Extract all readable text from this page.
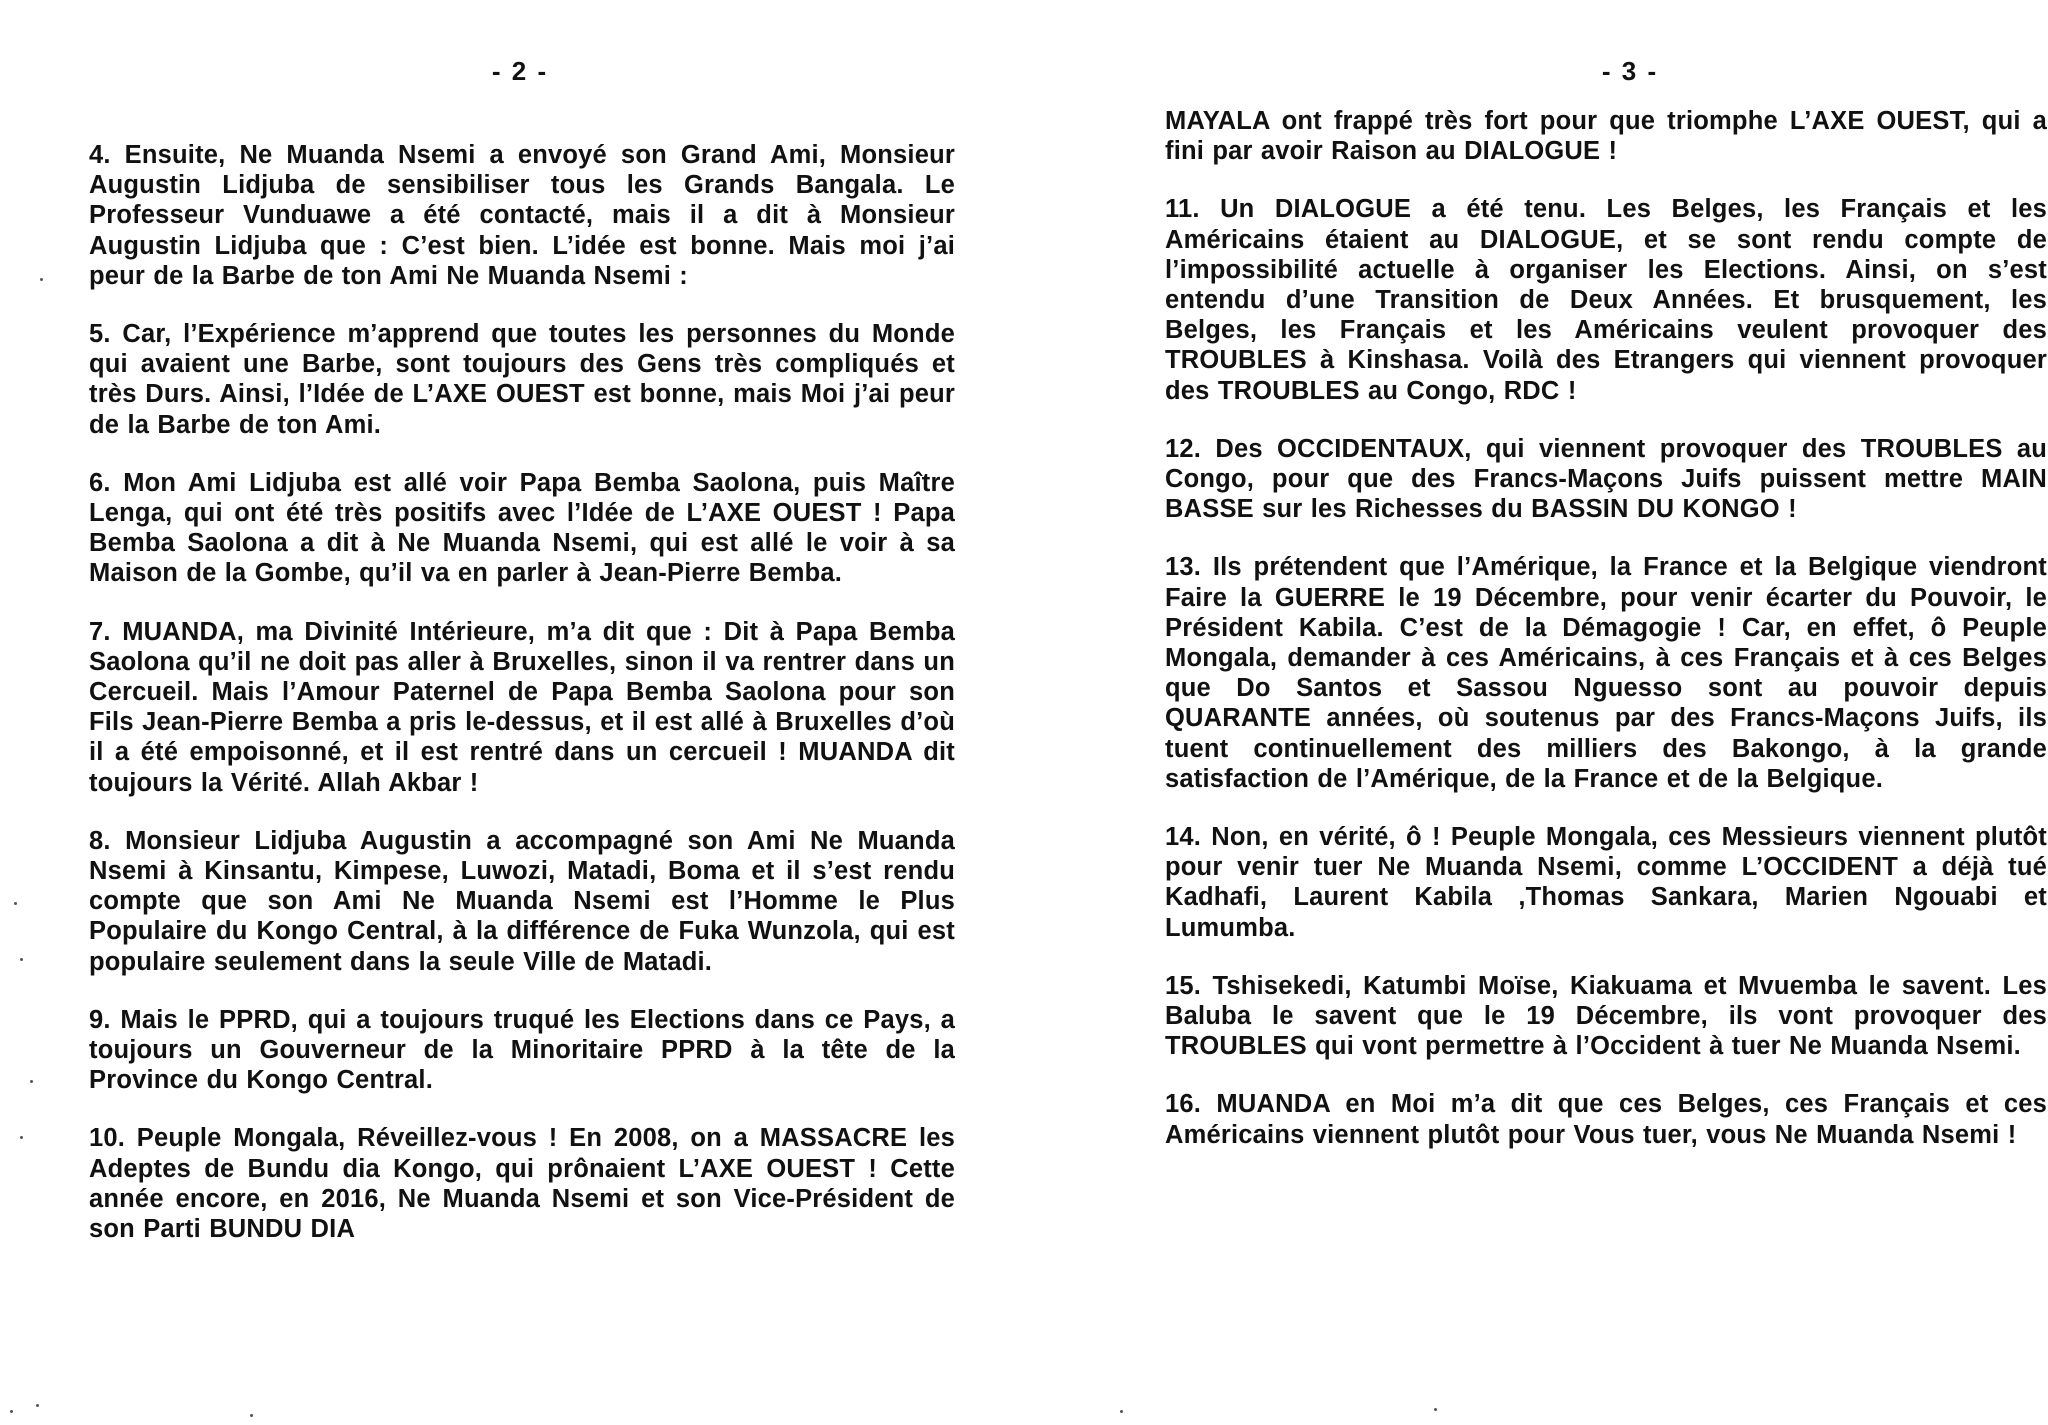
- 2 -

4. Ensuite, Ne Muanda Nsemi a envoyé son Grand Ami, Monsieur Augustin Lidjuba de sensibiliser tous les Grands Bangala. Le Professeur Vunduawe a été contacté, mais il a dit à Monsieur Augustin Lidjuba que : C’est bien. L’idée est bonne. Mais moi j’ai peur de la Barbe de ton Ami Ne Muanda Nsemi :

5. Car, l’Expérience m’apprend que toutes les personnes du Monde qui avaient une Barbe, sont toujours des Gens très compliqués et très Durs. Ainsi, l’Idée de L’AXE OUEST est bonne, mais Moi j’ai peur de la Barbe de ton Ami.

6. Mon Ami Lidjuba est allé voir Papa Bemba Saolona, puis Maître Lenga, qui ont été très positifs avec l’Idée de L’AXE OUEST ! Papa Bemba Saolona a dit à Ne Muanda Nsemi, qui est allé le voir à sa Maison de la Gombe, qu’il va en parler à Jean-Pierre Bemba.

7. MUANDA, ma Divinité Intérieure, m’a dit que : Dit à Papa Bemba Saolona qu’il ne doit pas aller à Bruxelles, sinon il va rentrer dans un Cercueil. Mais l’Amour Paternel de Papa Bemba Saolona pour son Fils Jean-Pierre Bemba a pris le-dessus, et il est allé à Bruxelles d’où il a été empoisonné, et il est rentré dans un cercueil ! MUANDA dit toujours la Vérité. Allah Akbar !

8. Monsieur Lidjuba Augustin a accompagné son Ami Ne Muanda Nsemi à Kinsantu, Kimpese, Luwozi, Matadi, Boma et il s’est rendu compte que son Ami Ne Muanda Nsemi est l’Homme le Plus Populaire du Kongo Central, à la différence de Fuka Wunzola, qui est populaire seulement dans la seule Ville de Matadi.

9. Mais le PPRD, qui a toujours truqué les Elections dans ce Pays, a toujours un Gouverneur de la Minoritaire PPRD à la tête de la Province du Kongo Central.

10. Peuple Mongala, Réveillez-vous ! En 2008, on a MASSACRE les Adeptes de Bundu dia Kongo, qui prônaient L’AXE OUEST ! Cette année encore, en 2016, Ne Muanda Nsemi et son Vice-Président de son Parti BUNDU DIA

- 3 -

MAYALA ont frappé très fort pour que triomphe L’AXE OUEST, qui a fini par avoir Raison au DIALOGUE !

11. Un DIALOGUE a été tenu. Les Belges, les Français et les Américains étaient au DIALOGUE, et se sont rendu compte de l’impossibilité actuelle à organiser les Elections. Ainsi, on s’est entendu d’une Transition de Deux Années. Et brusquement, les Belges, les Français et les Américains veulent provoquer des TROUBLES à Kinshasa. Voilà des Etrangers qui viennent provoquer des TROUBLES au Congo, RDC !

12. Des OCCIDENTAUX, qui viennent provoquer des TROUBLES au Congo, pour que des Francs-Maçons Juifs puissent mettre MAIN BASSE sur les Richesses du BASSIN DU KONGO !

13. Ils prétendent que l’Amérique, la France et la Belgique viendront Faire la GUERRE le 19 Décembre, pour venir écarter du Pouvoir, le Président Kabila. C’est de la Démagogie ! Car, en effet, ô Peuple Mongala, demander à ces Américains, à ces Français et à ces Belges que Do Santos et Sassou Nguesso sont au pouvoir depuis QUARANTE années, où soutenus par des Francs-Maçons Juifs, ils tuent continuellement des milliers des Bakongo, à la grande satisfaction de l’Amérique, de la France et de la Belgique.

14. Non, en vérité, ô ! Peuple Mongala, ces Messieurs viennent plutôt pour venir tuer Ne Muanda Nsemi, comme L’OCCIDENT a déjà tué Kadhafi, Laurent Kabila ,Thomas Sankara, Marien Ngouabi et Lumumba.

15. Tshisekedi, Katumbi Moïse, Kiakuama et Mvuemba le savent. Les Baluba le savent que le 19 Décembre, ils vont provoquer des TROUBLES qui vont permettre à l’Occident à tuer Ne Muanda Nsemi.

16. MUANDA en Moi m’a dit que ces Belges, ces Français et ces Américains viennent plutôt pour Vous tuer, vous Ne Muanda Nsemi !
